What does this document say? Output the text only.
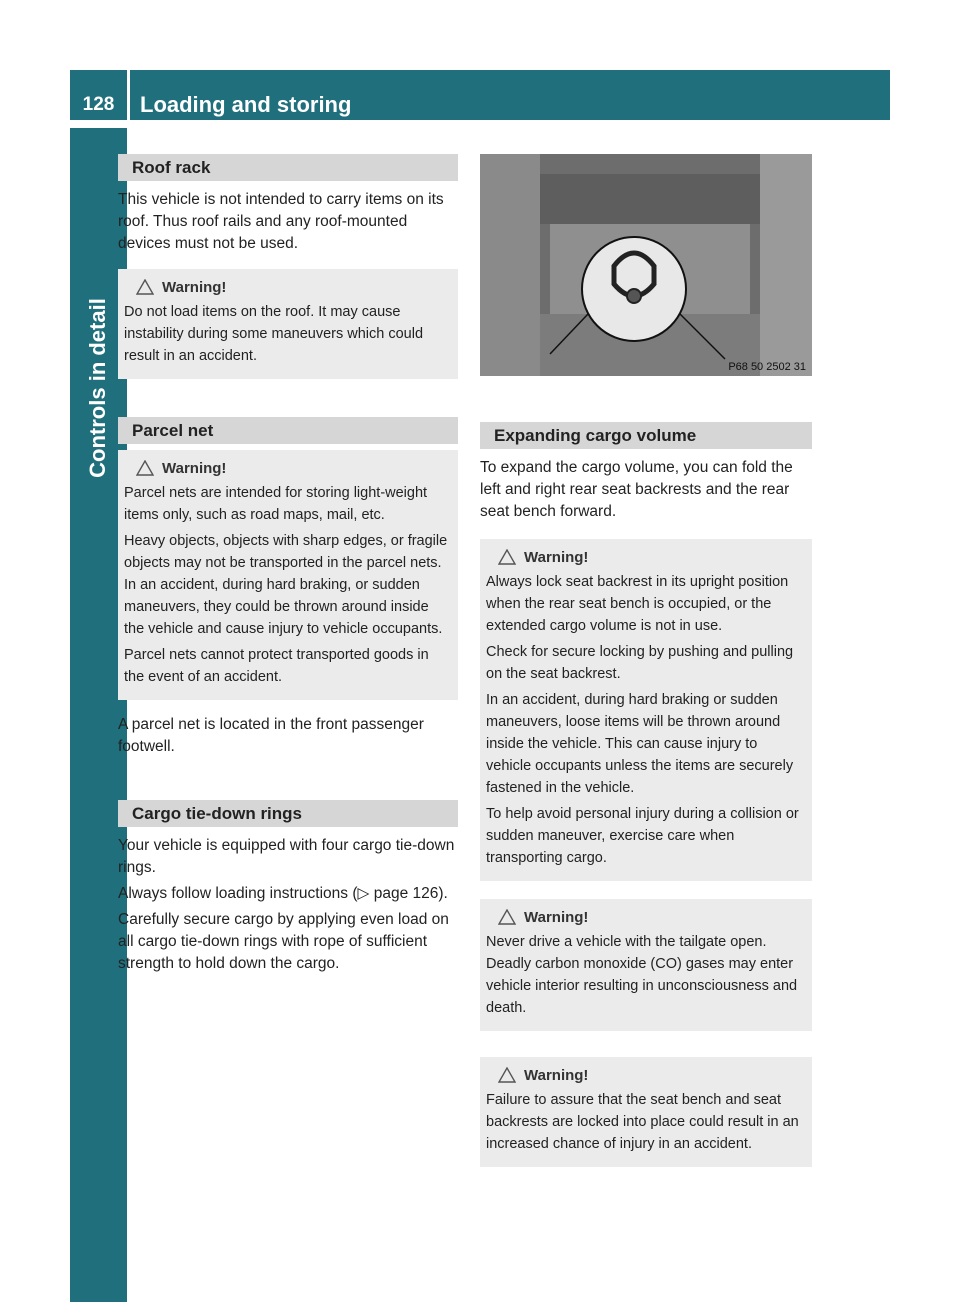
128	Loading and storing
Controls in detail
Roof rack

This vehicle is not intended to carry items on its roof. Thus roof rails and any roof-mounted devices must not be used.

Warning!

Do not load items on the roof. It may cause instability during some maneuvers which could result in an accident.

Parcel net
Warning!

Parcel nets are intended for storing light-weight items only, such as road maps, mail, etc.

Heavy objects, objects with sharp edges, or fragile objects may not be transported in the parcel nets. In an accident, during hard braking, or sudden maneuvers, they could be thrown around inside the vehicle and cause injury to vehicle occupants.

Parcel nets cannot protect transported goods in the event of an accident.

A parcel net is located in the front passenger footwell.

Cargo tie-down rings

Your vehicle is equipped with four cargo tie-down rings.

Always follow loading instructions (▷ page 126).

Carefully secure cargo by applying even load on all cargo tie-down rings with rope of sufficient strength to hold down the cargo.

P68 50 2502 31
Expanding cargo volume

To expand the cargo volume, you can fold the left and right rear seat backrests and the rear seat bench forward.

Warning!

Always lock seat backrest in its upright position when the rear seat bench is occupied, or the extended cargo volume is not in use.

Check for secure locking by pushing and pulling on the seat backrest.

In an accident, during hard braking or sudden maneuvers, loose items will be thrown around inside the vehicle. This can cause injury to vehicle occupants unless the items are securely fastened in the vehicle.

To help avoid personal injury during a collision or sudden maneuver, exercise care when transporting cargo.

Warning!

Never drive a vehicle with the tailgate open. Deadly carbon monoxide (CO) gases may enter vehicle interior resulting in unconsciousness and death.

Warning!

Failure to assure that the seat bench and seat backrests are locked into place could result in an increased chance of injury in an accident.
